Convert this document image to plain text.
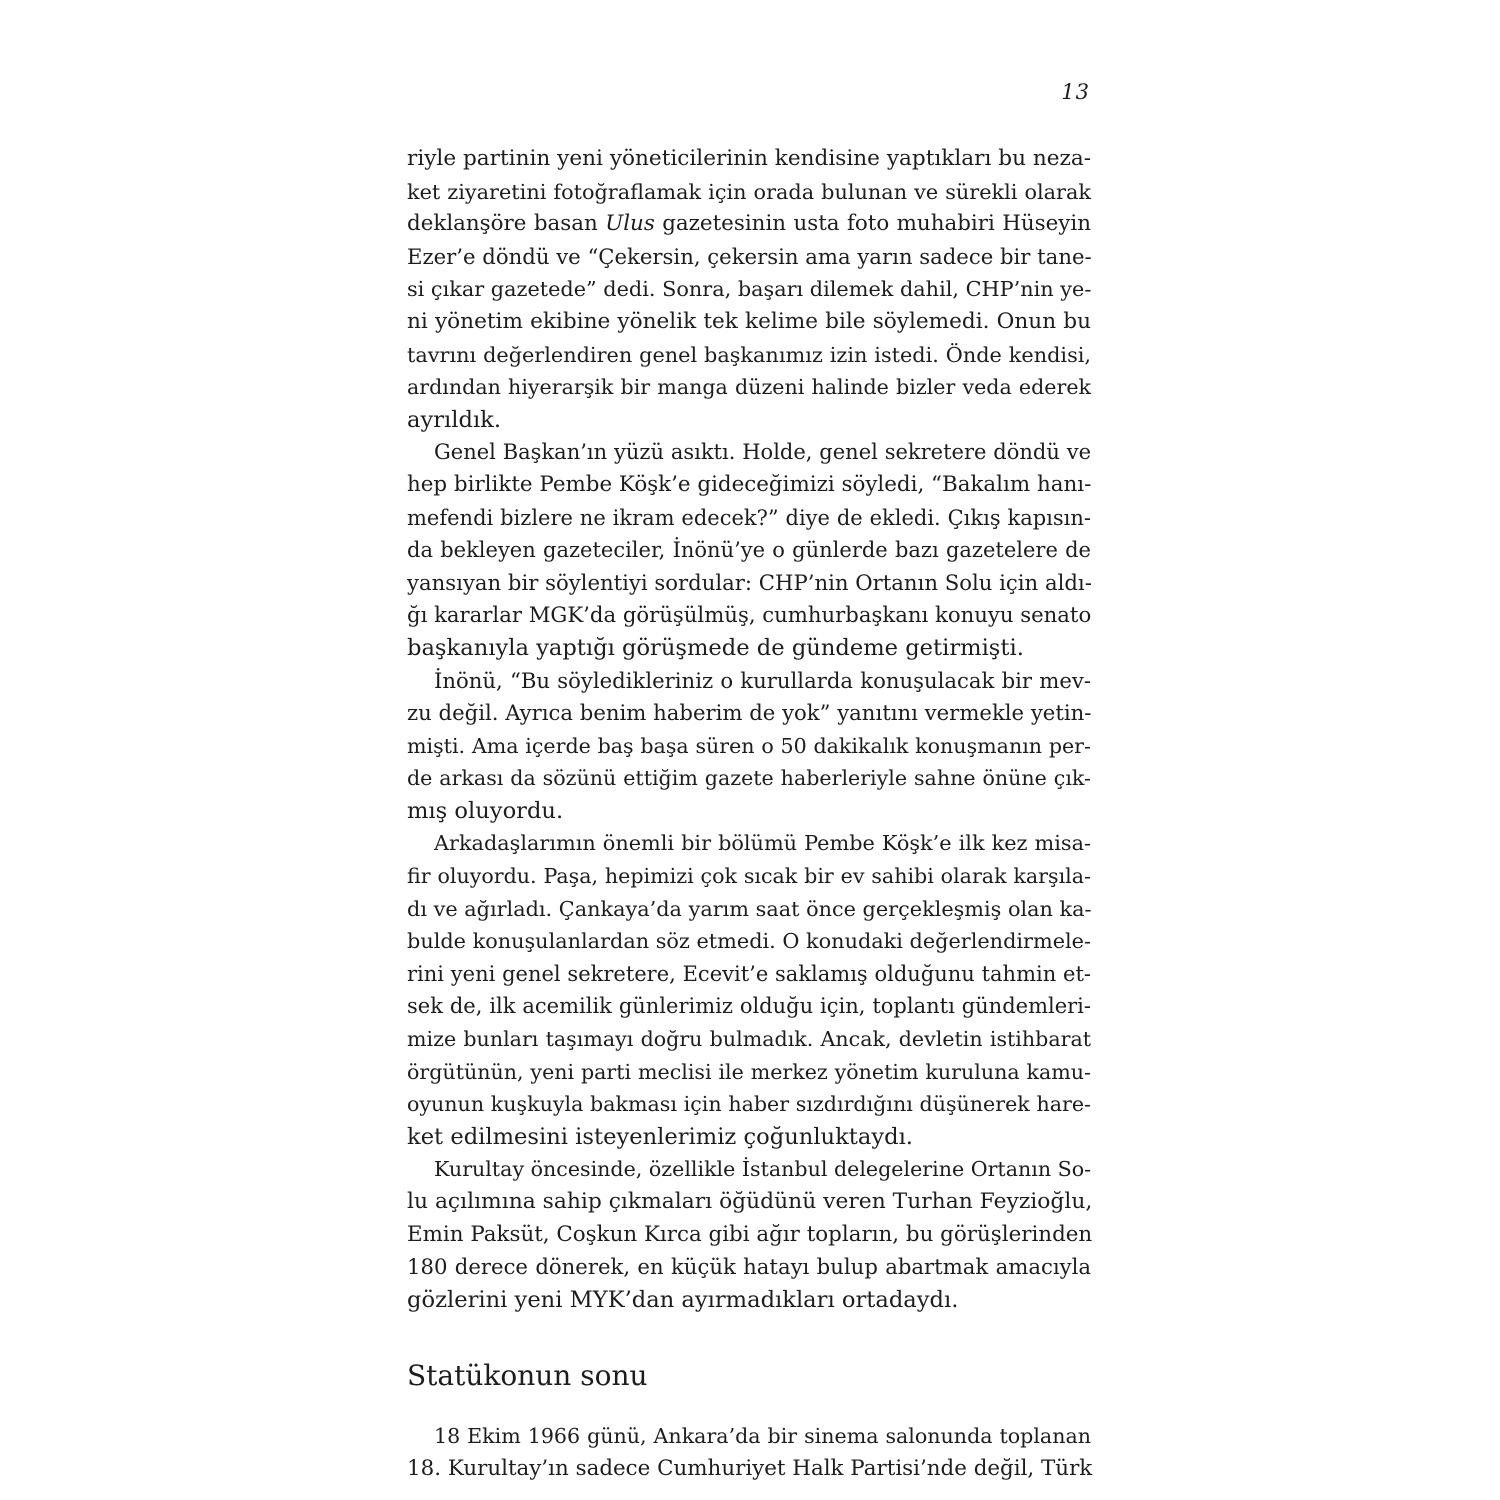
13
riyle partinin yeni yöneticilerinin kendisine yaptıkları bu neza-
ket ziyaretini fotoğraflamak için orada bulunan ve sürekli olarak
deklanşöre basan Ulus gazetesinin usta foto muhabiri Hüseyin
Ezer’e döndü ve “Çekersin, çekersin ama yarın sadece bir tane-
si çıkar gazetede” dedi. Sonra, başarı dilemek dahil, CHP’nin ye-
ni yönetim ekibine yönelik tek kelime bile söylemedi. Onun bu
tavrını değerlendiren genel başkanımız izin istedi. Önde kendisi,
ardından hiyerarşik bir manga düzeni halinde bizler veda ederek
ayrıldık.
Genel Başkan’ın yüzü asıktı. Holde, genel sekretere döndü ve
hep birlikte Pembe Köşk’e gideceğimizi söyledi, “Bakalım hanı-
mefendi bizlere ne ikram edecek?” diye de ekledi. Çıkış kapısın-
da bekleyen gazeteciler, İnönü’ye o günlerde bazı gazetelere de
yansıyan bir söylentiyi sordular: CHP’nin Ortanın Solu için aldı-
ğı kararlar MGK’da görüşülmüş, cumhurbaşkanı konuyu senato
başkanıyla yaptığı görüşmede de gündeme getirmişti.
İnönü, “Bu söyledikleriniz o kurullarda konuşulacak bir mev-
zu değil. Ayrıca benim haberim de yok” yanıtını vermekle yetin-
mişti. Ama içerde baş başa süren o 50 dakikalık konuşmanın per-
de arkası da sözünü ettiğim gazete haberleriyle sahne önüne çık-
mış oluyordu.
Arkadaşlarımın önemli bir bölümü Pembe Köşk’e ilk kez misa-
fir oluyordu. Paşa, hepimizi çok sıcak bir ev sahibi olarak karşıla-
dı ve ağırladı. Çankaya’da yarım saat önce gerçekleşmiş olan ka-
bulde konuşulanlardan söz etmedi. O konudaki değerlendirmele-
rini yeni genel sekretere, Ecevit’e saklamış olduğunu tahmin et-
sek de, ilk acemilik günlerimiz olduğu için, toplantı gündemleri-
mize bunları taşımayı doğru bulmadık. Ancak, devletin istihbarat
örgütünün, yeni parti meclisi ile merkez yönetim kuruluna kamu-
oyunun kuşkuyla bakması için haber sızdırdığını düşünerek hare-
ket edilmesini isteyenlerimiz çoğunluktaydı.
Kurultay öncesinde, özellikle İstanbul delegelerine Ortanın So-
lu açılımına sahip çıkmaları öğüdünü veren Turhan Feyzioğlu,
Emin Paksüt, Coşkun Kırca gibi ağır topların, bu görüşlerinden
180 derece dönerek, en küçük hatayı bulup abartmak amacıyla
gözlerini yeni MYK’dan ayırmadıkları ortadaydı.
Statükonun sonu
18 Ekim 1966 günü, Ankara’da bir sinema salonunda toplanan
18. Kurultay’ın sadece Cumhuriyet Halk Partisi’nde değil, Türk
